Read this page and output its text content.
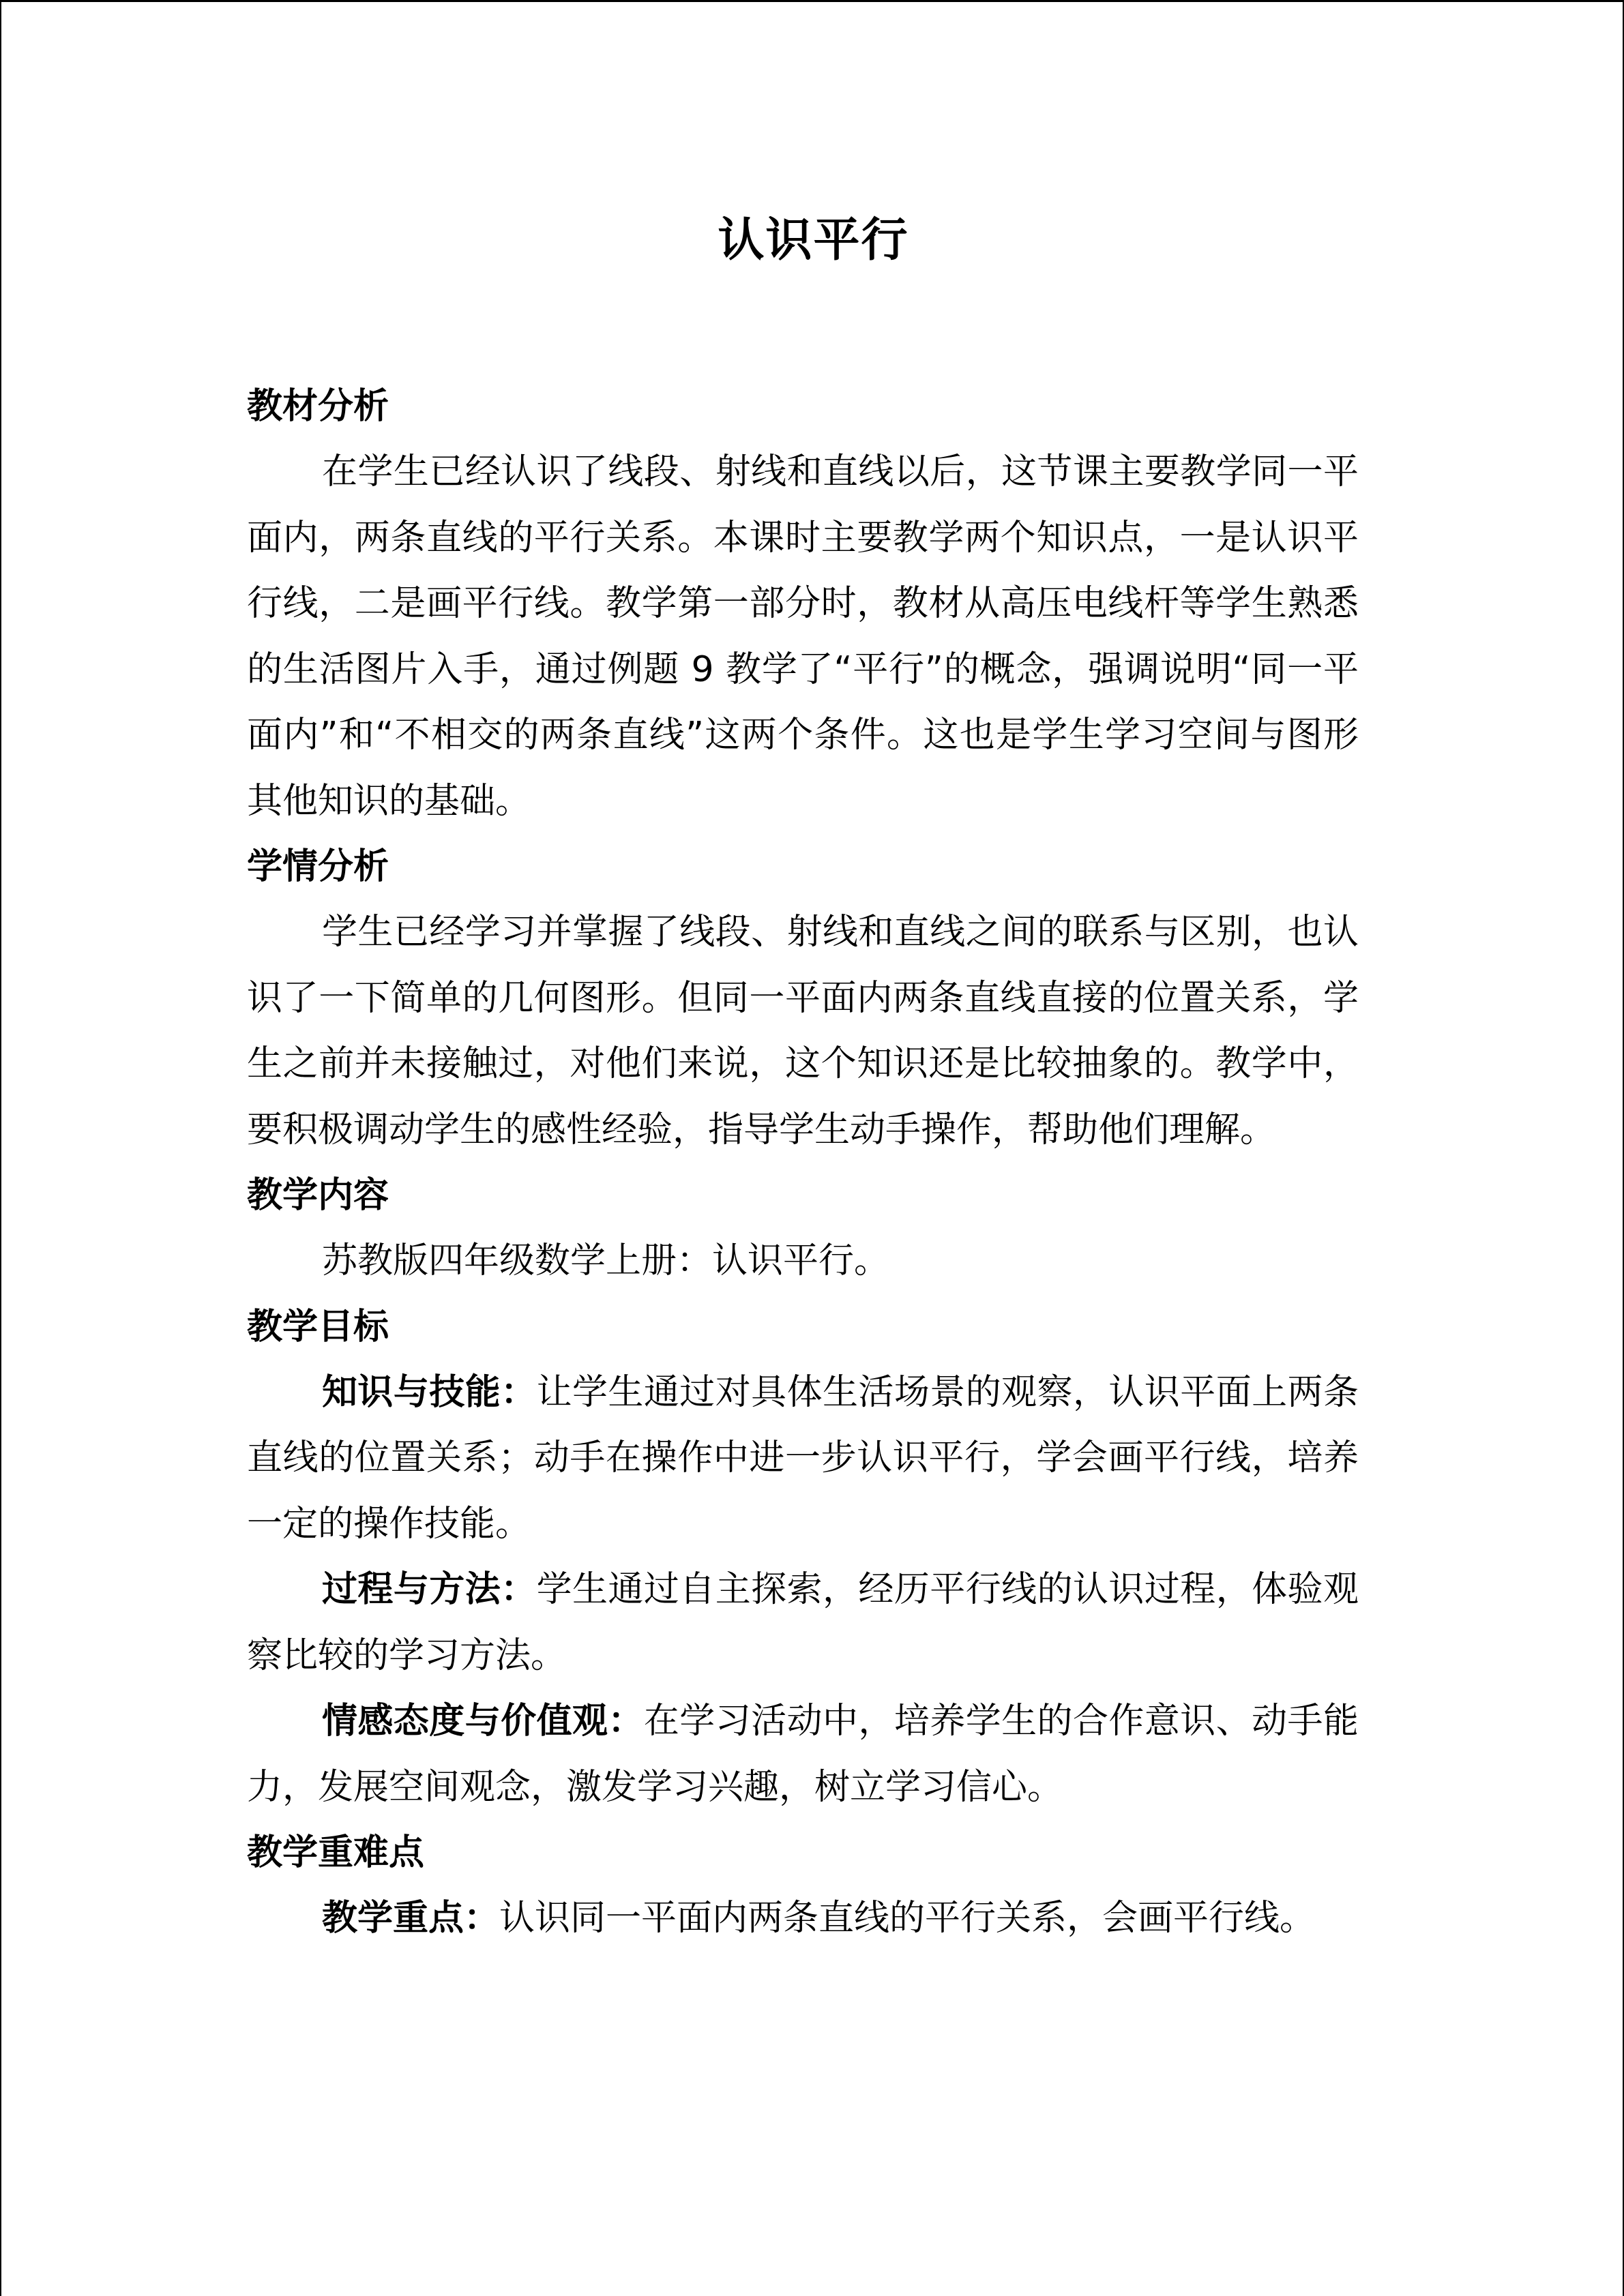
认识平行
教材分析

在学生已经认识了线段、射线和直线以后，这节课主要教学同一平面内，两条直线的平行关系。本课时主要教学两个知识点，一是认识平行线，二是画平行线。教学第一部分时，教材从高压电线杆等学生熟悉的生活图片入手，通过例题 9 教学了“平行”的概念，强调说明“同一平面内”和“不相交的两条直线”这两个条件。这也是学生学习空间与图形其他知识的基础。

学情分析

学生已经学习并掌握了线段、射线和直线之间的联系与区别，也认识了一下简单的几何图形。但同一平面内两条直线直接的位置关系，学生之前并未接触过，对他们来说，这个知识还是比较抽象的。教学中，要积极调动学生的感性经验，指导学生动手操作，帮助他们理解。

教学内容

苏教版四年级数学上册：认识平行。

教学目标

知识与技能：让学生通过对具体生活场景的观察，认识平面上两条直线的位置关系；动手在操作中进一步认识平行，学会画平行线，培养一定的操作技能。

过程与方法：学生通过自主探索，经历平行线的认识过程，体验观察比较的学习方法。

情感态度与价值观：在学习活动中，培养学生的合作意识、动手能力，发展空间观念，激发学习兴趣，树立学习信心。

教学重难点

教学重点：认识同一平面内两条直线的平行关系，会画平行线。
